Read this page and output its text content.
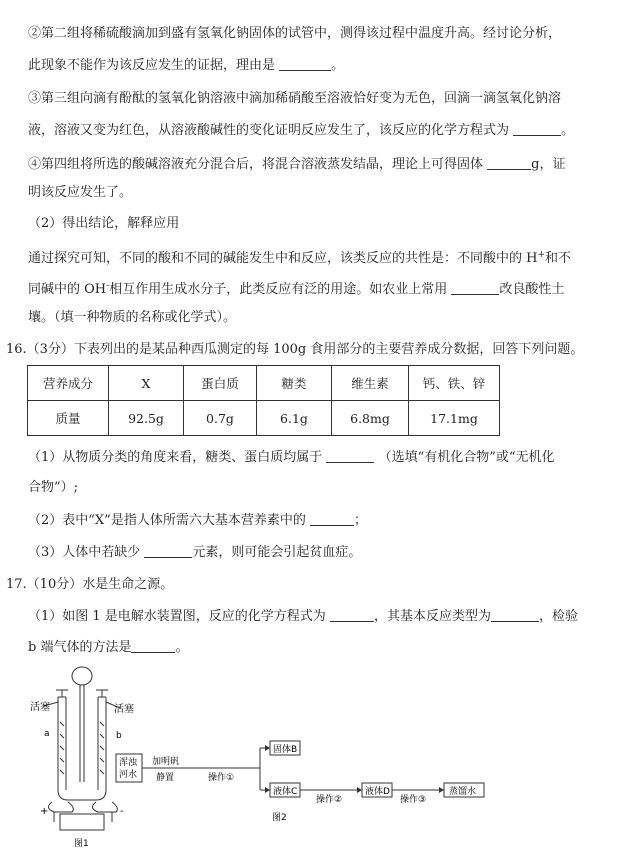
②第二组将稀硫酸滴加到盛有氢氧化钠固体的试管中，测得该过程中温度升高。经讨论分析，
此现象不能作为该反应发生的证据，理由是	。
③第三组向滴有酚酞的氢氧化钠溶液中滴加稀硝酸至溶液恰好变为无色，回滴一滴氢氧化钠溶
液，溶液又变为红色，从溶液酸碱性的变化证明反应发生了，该反应的化学方程式为	。
④第四组将所选的酸碱溶液充分混合后，将混合溶液蒸发结晶，理论上可得固体	g，证
明该反应发生了。
（2）得出结论，解释应用
通过探究可知，不同的酸和不同的碱能发生中和反应，该类反应的共性是：不同酸中的 H+和不
同碱中的 OH-相互作用生成水分子，此类反应有泛的用途。如农业上常用	改良酸性土
壤。（填一种物质的名称或化学式）。
16.（3分）下表列出的是某品种西瓜测定的每 100g 食用部分的主要营养成分数据，回答下列问题。
营养成分	X	蛋白质	糖类	维生素	钙、铁、锌
质量	92.5g	0.7g	6.1g	6.8mg	17.1mg
（1）从物质分类的角度来看，糖类、蛋白质均属于	（选填“有机化合物”或“无机化
合物”）;
（2）表中“X”是指人体所需六大基本营养素中的	；
（3）人体中若缺少	元素，则可能会引起贫血症。
17.（10分）水是生命之源。
（1）如图 1 是电解水装置图，反应的化学方程式为	，其基本反应类型为	，检验
b 端气体的方法是	。
活塞	活塞
a	b
+	-
图1
浑浊
河水
加明矾
静置	操作①
固体B
液体C
操作②
液体D
操作③
蒸馏水
图2
